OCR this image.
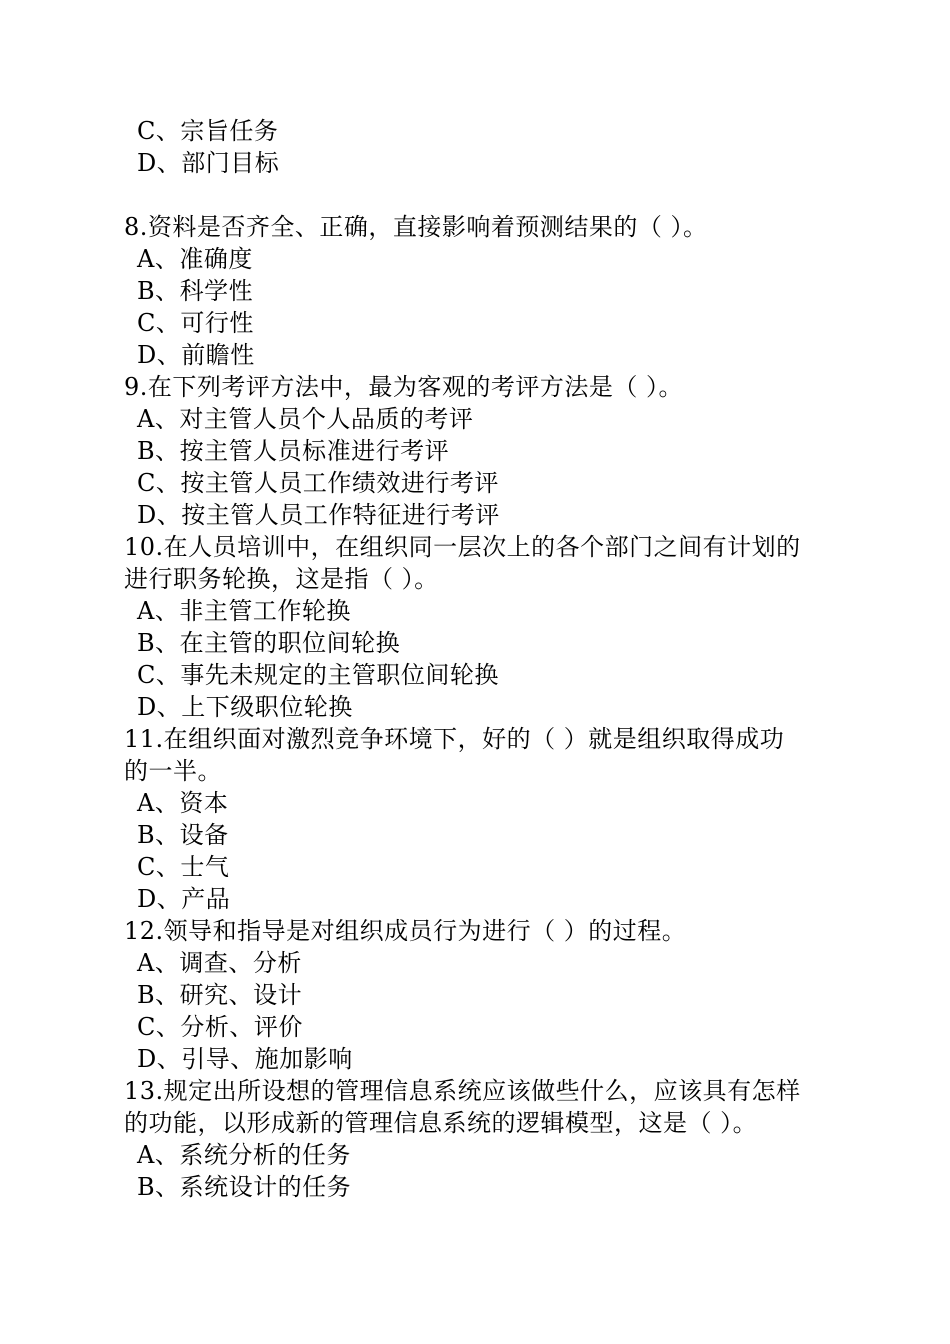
C、宗旨任务
D、部门目标
8.资料是否齐全、正确，直接影响着预测结果的（ ）。
A、准确度
B、科学性
C、可行性
D、前瞻性
9.在下列考评方法中，最为客观的考评方法是（ ）。
A、对主管人员个人品质的考评
B、按主管人员标准进行考评
C、按主管人员工作绩效进行考评
D、按主管人员工作特征进行考评
10.在人员培训中，在组织同一层次上的各个部门之间有计划的
进行职务轮换，这是指（ ）。
A、非主管工作轮换
B、在主管的职位间轮换
C、事先未规定的主管职位间轮换
D、上下级职位轮换
11.在组织面对激烈竞争环境下，好的（ ）就是组织取得成功
的一半。
A、资本
B、设备
C、士气
D、产品
12.领导和指导是对组织成员行为进行（ ）的过程。
A、调查、分析
B、研究、设计
C、分析、评价
D、引导、施加影响
13.规定出所设想的管理信息系统应该做些什么，应该具有怎样
的功能，以形成新的管理信息系统的逻辑模型，这是（ ）。
A、系统分析的任务
B、系统设计的任务
